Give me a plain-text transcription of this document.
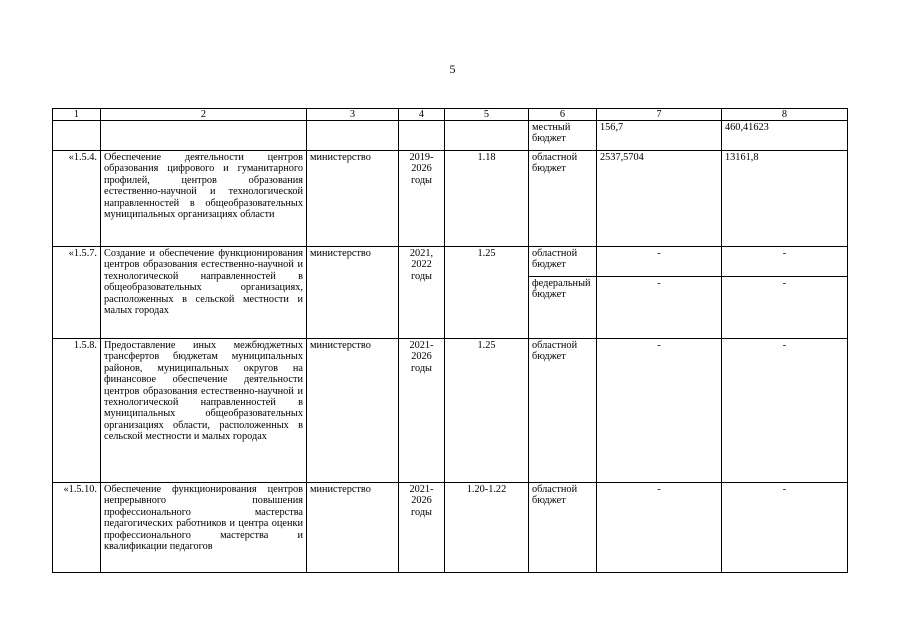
5
1	2	3	4	5	6	7	8
					местный бюджет	156,7	460,41623
«1.5.4.	Обеспечение деятельности центров образования цифрового и гуманитарного профилей, центров образования естественно-научной и технологической направленностей в общеобразовательных муниципальных организациях области	министерство	2019-2026 годы	1.18	областной бюджет	2537,5704	13161,8
«1.5.7.	Создание и обеспечение функционирования центров образования естественно-научной и технологической направленностей в общеобразовательных организациях, расположенных в сельской местности и малых городах	министерство	2021, 2022 годы	1.25	областной бюджет	-	-
					федеральный бюджет	-	-
1.5.8.	Предоставление иных межбюджетных трансфертов бюджетам муниципальных районов, муниципальных округов на финансовое обеспечение деятельности центров образования естественно-научной и технологической направленностей в муниципальных общеобразовательных организациях области, расположенных в сельской местности и малых городах	министерство	2021-2026 годы	1.25	областной бюджет	-	-
«1.5.10.	Обеспечение функционирования центров непрерывного повышения профессионального мастерства педагогических работников и центра оценки профессионального мастерства и квалификации педагогов	министерство	2021-2026 годы	1.20-1.22	областной бюджет	-	-
